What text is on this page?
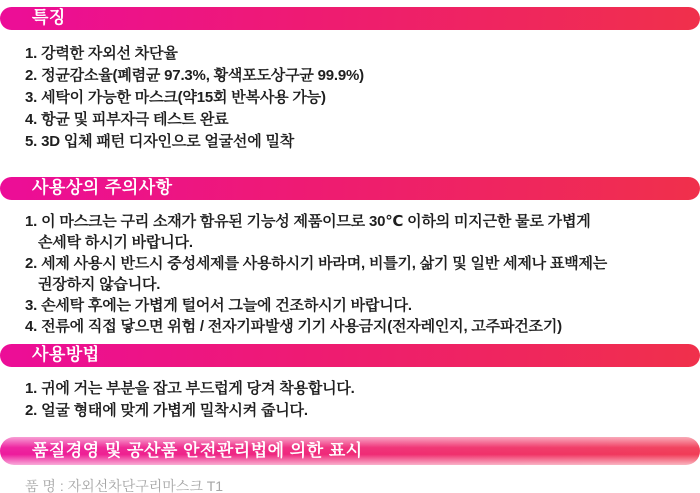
특징
1. 강력한 자외선 차단율
2. 정균감소율(폐렴균 97.3%, 황색포도상구균 99.9%)
3. 세탁이 가능한 마스크(약15회 반복사용 가능)
4. 항균 및 피부자극 테스트 완료
5. 3D 입체 패턴 디자인으로 얼굴선에 밀착
사용상의 주의사항
1. 이 마스크는 구리 소재가 함유된 기능성 제품이므로 30℃ 이하의 미지근한 물로 가볍게
손세탁 하시기 바랍니다.
2. 세제 사용시 반드시 중성세제를 사용하시기 바라며, 비틀기, 삶기 및 일반 세제나 표백제는
권장하지 않습니다.
3. 손세탁 후에는 가볍게 털어서 그늘에 건조하시기 바랍니다.
4. 전류에 직접 닿으면 위험 / 전자기파발생 기기 사용금지(전자레인지, 고주파건조기)
사용방법
1. 귀에 거는 부분을 잡고 부드럽게 당겨 착용합니다.
2. 얼굴 형태에 맞게 가볍게 밀착시켜 줍니다.
품질경영 및 공산품 안전관리법에 의한 표시
품 명 : 자외선차단구리마스크 T1
